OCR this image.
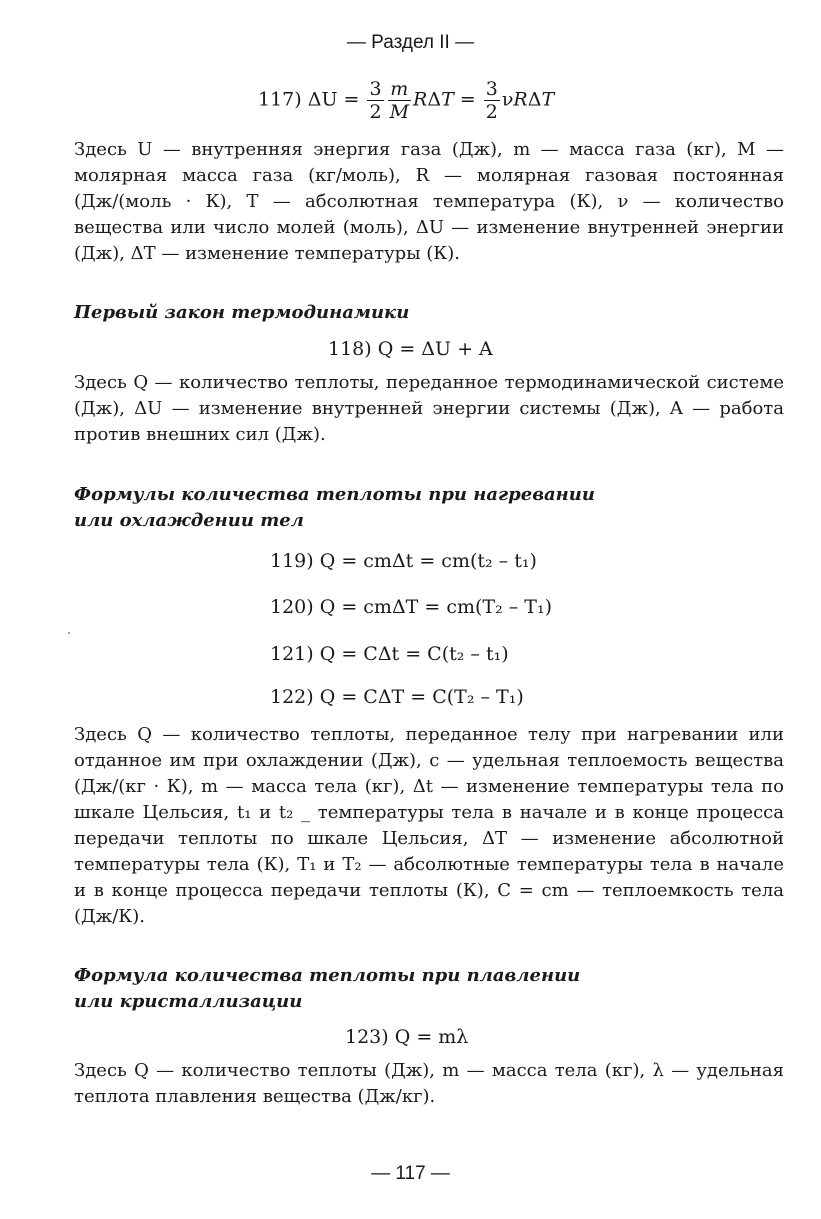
— Раздел II —
117) $\Delta U = \frac{3}{2} \frac{m}{M}$ $R\Delta T = \frac{3}{2}$ νRΔT

Здесь U — внутренняя энергия газа (Дж), m — масса газа (кг), M — молярная масса газа (кг/моль), R — молярная газовая постоянная (Дж/(моль · К), T — абсолютная температура (К), ν — количество вещества или число молей (моль), ΔU — изменение внутренней энергии (Дж), ΔT — изменение температуры (К).

Первый закон термодинамики

118) Q = ΔU + A

Здесь Q — количество теплоты, переданное термодинамической системе (Дж), ΔU — изменение внутренней энергии системы (Дж), A — работа против внешних сил (Дж).

Формулы количества теплоты при нагревании

или охлаждении тел

119) Q = cmΔt = cm(t₂ – t₁)
120) Q = cmΔT = cm(T₂ – T₁)
121) Q = CΔt = C(t₂ – t₁)
122) Q = CΔT = C(T₂ – T₁)

Здесь Q — количество теплоты, переданное телу при нагревании или отданное им при охлаждении (Дж), c — удельная теплоемость вещества (Дж/(кг · К), m — масса тела (кг), Δt — изменение температуры тела по шкале Цельсия, t₁ и t₂ _ температуры тела в начале и в конце процесса передачи теплоты по шкале Цельсия, ΔT — изменение абсолютной температуры тела (К), T₁ и T₂ — абсолютные температуры тела в начале и в конце процесса передачи теплоты (К), C = cm — теплоемкость тела (Дж/К).

Формула количества теплоты при плавлении

или кристаллизации

123) Q = mλ

Здесь Q — количество теплоты (Дж), m — масса тела (кг), λ — удельная теплота плавления вещества (Дж/кг).

— 117 —
